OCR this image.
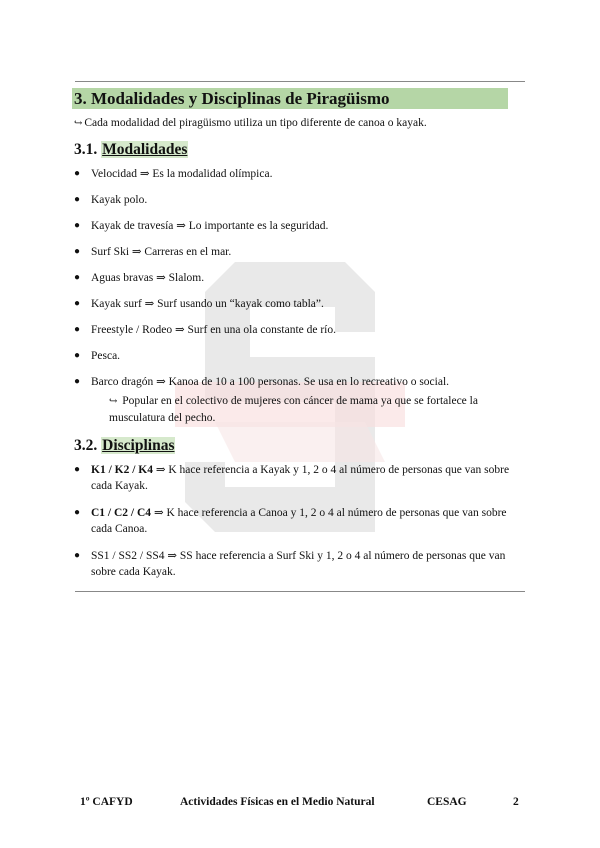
3. Modalidades y Disciplinas de Piragüismo
↪ Cada modalidad del piragüismo utiliza un tipo diferente de canoa o kayak.
3.1. Modalidades
● Velocidad ⇒ Es la modalidad olímpica.
● Kayak polo.
● Kayak de travesía ⇒ Lo importante es la seguridad.
● Surf Ski ⇒ Carreras en el mar.
● Aguas bravas ⇒ Slalom.
● Kayak surf ⇒ Surf usando un “kayak como tabla”.
● Freestyle / Rodeo ⇒ Surf en una ola constante de río.
● Pesca.
● Barco dragón ⇒ Kanoa de 10 a 100 personas. Se usa en lo recreativo o social.
↪ Popular en el colectivo de mujeres con cáncer de mama ya que se fortalece la musculatura del pecho.
3.2. Disciplinas
● K1 / K2 / K4 ⇒ K hace referencia a Kayak y 1, 2 o 4 al número de personas que van sobre cada Kayak.
● C1 / C2 / C4 ⇒ K hace referencia a Canoa y 1, 2 o 4 al número de personas que van sobre cada Canoa.
● SS1 / SS2 / SS4 ⇒ SS hace referencia a Surf Ski y 1, 2 o 4 al número de personas que van sobre cada Kayak.
1º CAFYD	Actividades Físicas en el Medio Natural	CESAG	2
